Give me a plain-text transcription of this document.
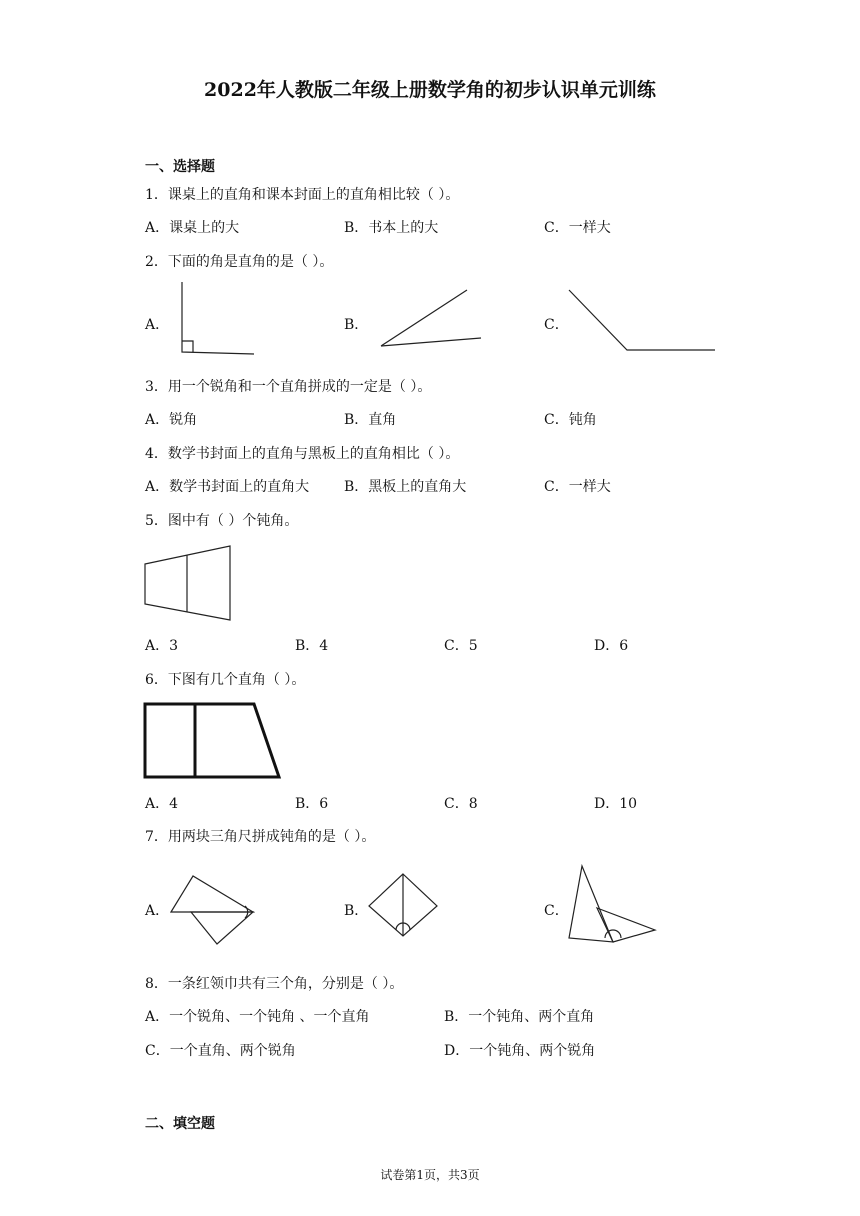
2022年人教版二年级上册数学角的初步认识单元训练
一、选择题
1．课桌上的直角和课本封面上的直角相比较（ ）。
A．课桌上的大	B．书本上的大	C．一样大
2．下面的角是直角的是（ ）。
A．	B．	C．
3．用一个锐角和一个直角拼成的一定是（ ）。
A．锐角	B．直角	C．钝角
4．数学书封面上的直角与黑板上的直角相比（ ）。
A．数学书封面上的直角大 B．黑板上的直角大	C．一样大
5．图中有（ ）个钝角。
A．3	B．4	C．5	D．6
6．下图有几个直角（ ）。
A．4	B．6	C．8	D．10
7．用两块三角尺拼成钝角的是（ ）。
A．	B．	C．
8．一条红领巾共有三个角，分别是（ ）。
A．一个锐角、一个钝角 、一个直角	B．一个钝角、两个直角
C．一个直角、两个锐角	D．一个钝角、两个锐角
二、填空题
试卷第1页，共3页
